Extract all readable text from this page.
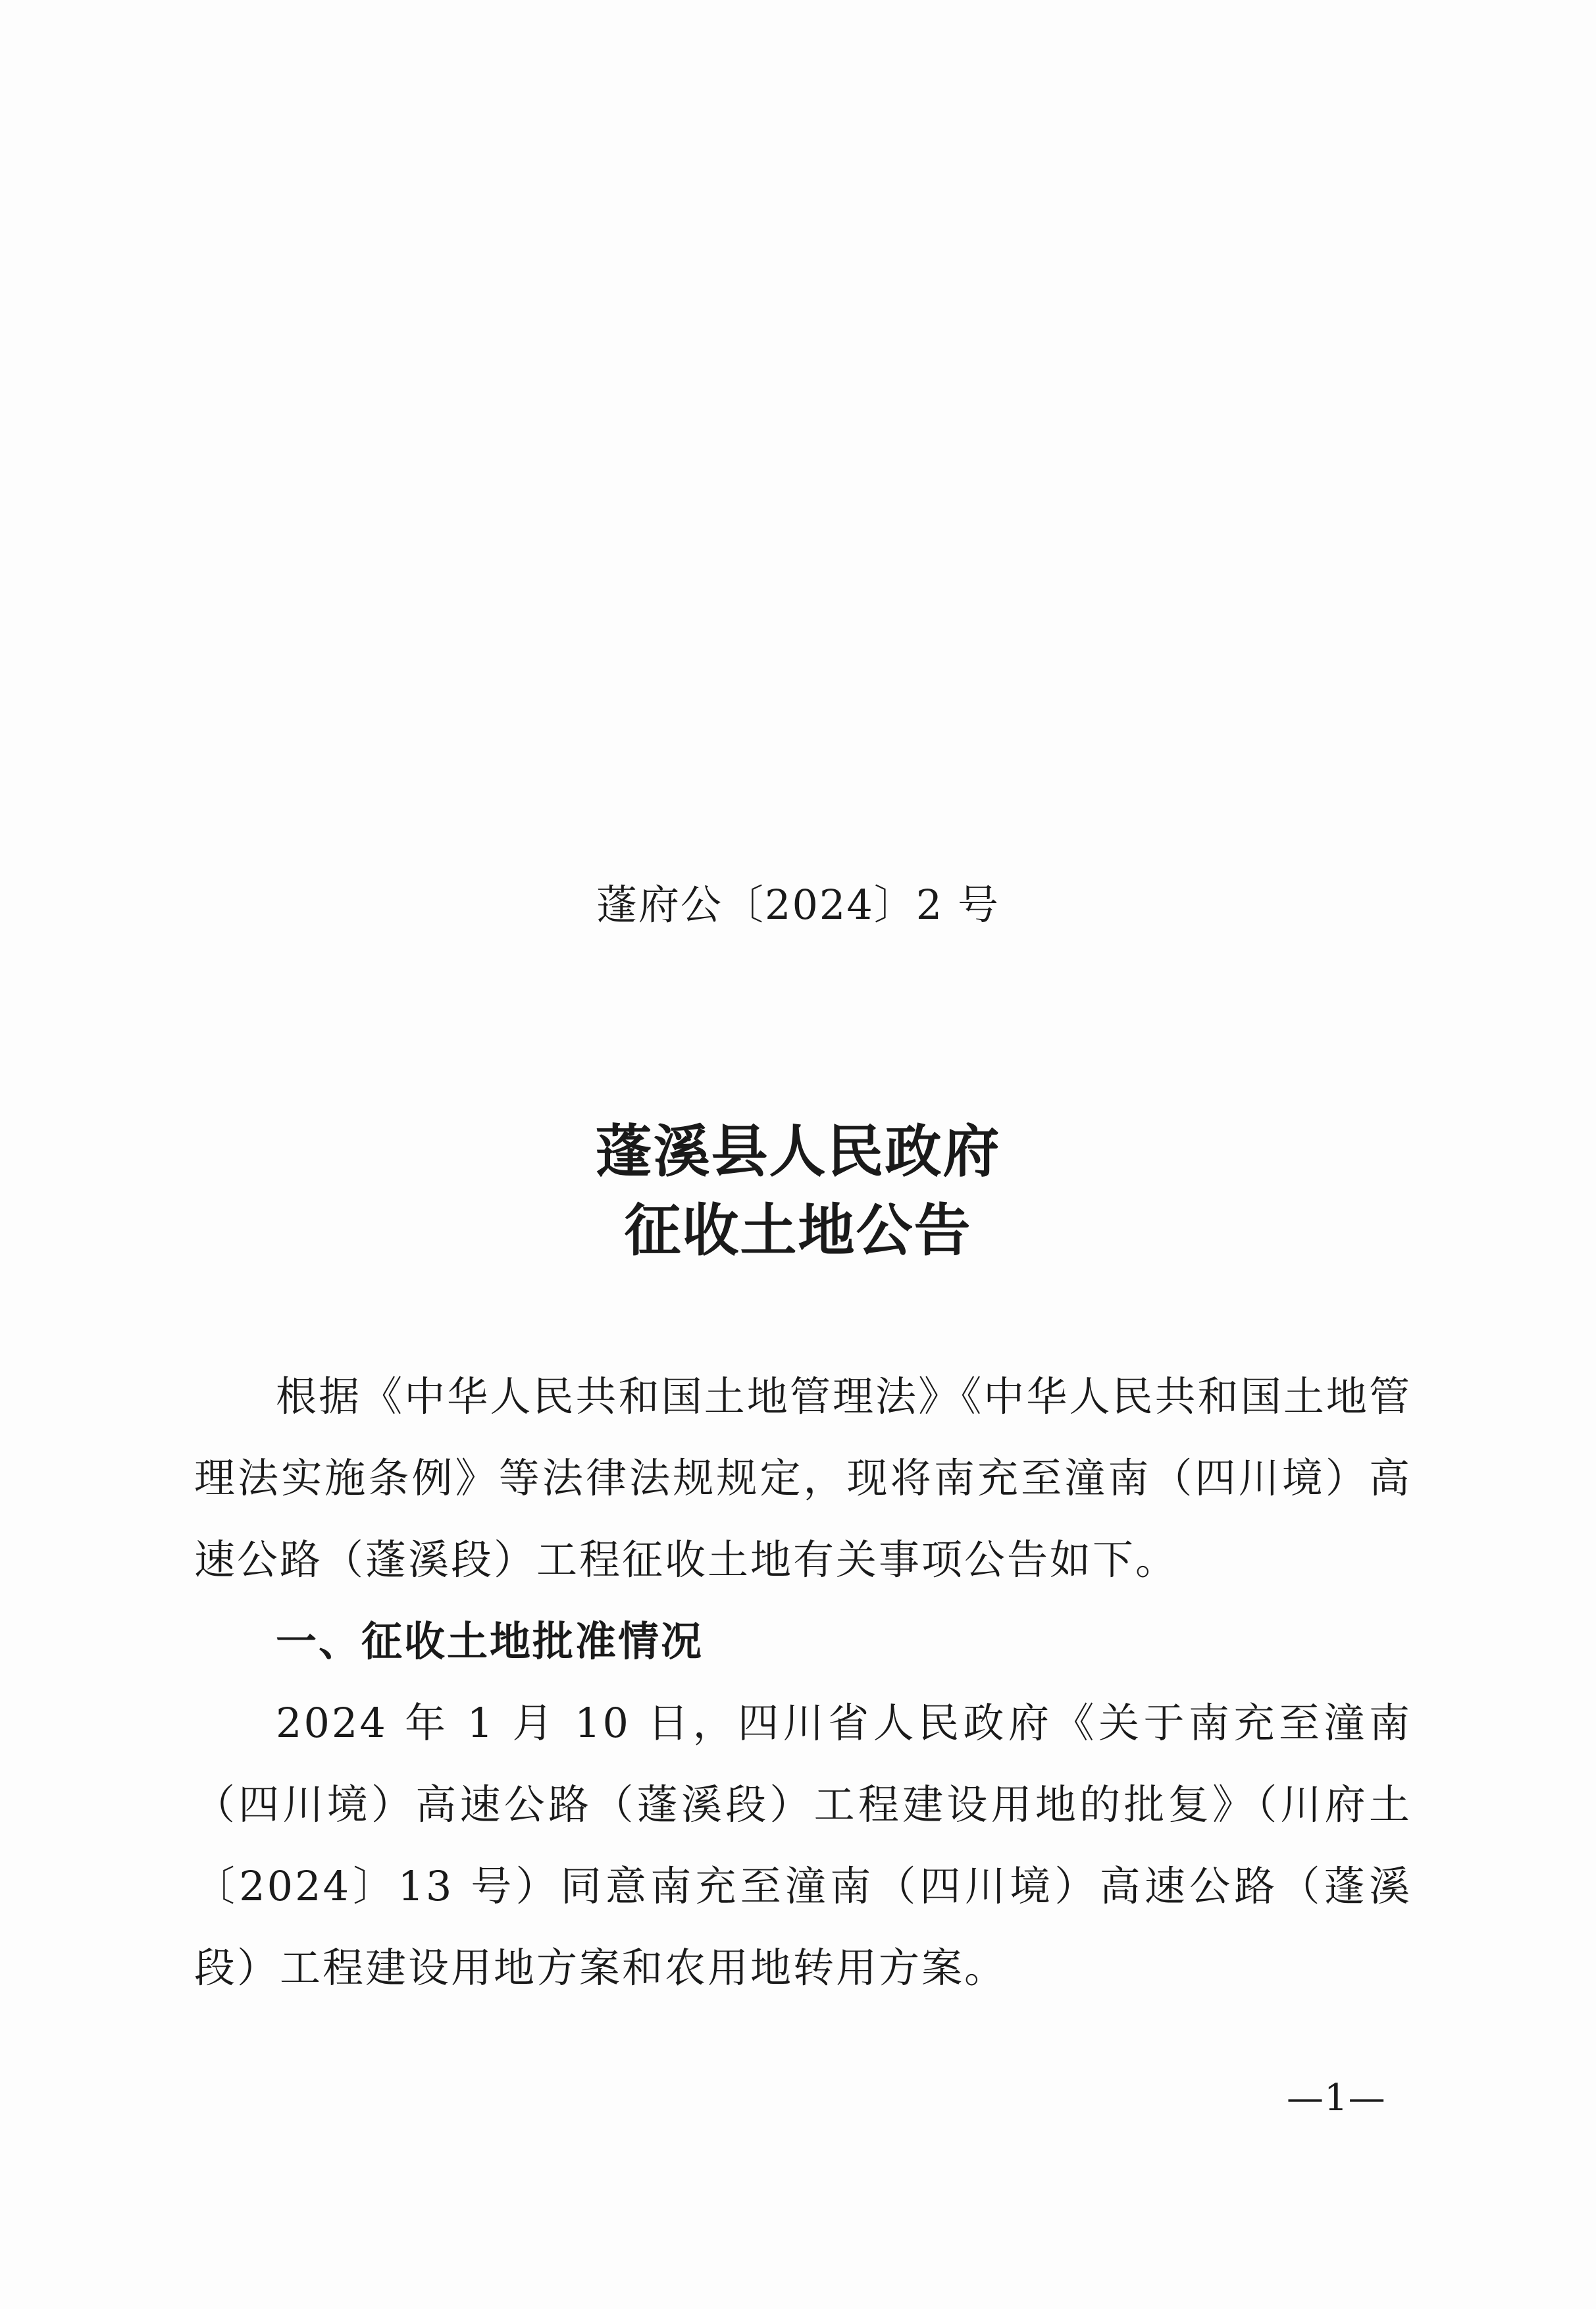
蓬府公〔2024〕2 号
蓬溪县人民政府
征收土地公告

根据《中华人民共和国土地管理法》《中华人民共和国土地管理法实施条例》等法律法规规定，现将南充至潼南（四川境）高速公路（蓬溪段）工程征收土地有关事项公告如下。

一、征收土地批准情况

2024 年 1 月 10 日，四川省人民政府《关于南充至潼南（四川境）高速公路（蓬溪段）工程建设用地的批复》（川府土〔2024〕13 号）同意南充至潼南（四川境）高速公路（蓬溪段）工程建设用地方案和农用地转用方案。

—1—
